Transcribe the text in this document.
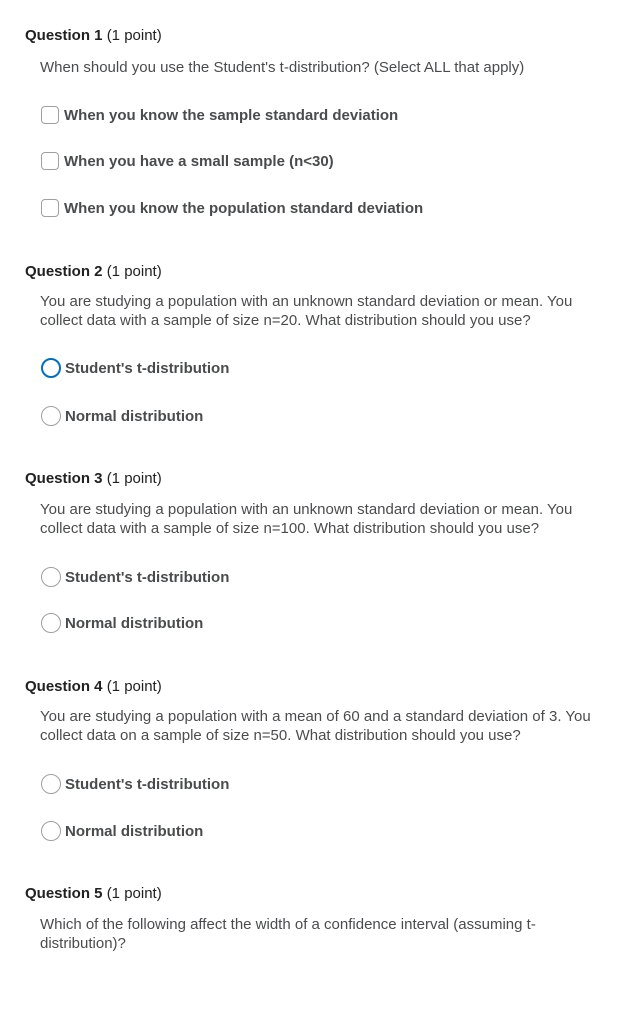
Question 1 (1 point)
When should you use the Student's t-distribution? (Select ALL that apply)
When you know the sample standard deviation
When you have a small sample (n<30)
When you know the population standard deviation
Question 2 (1 point)
You are studying a population with an unknown standard deviation or mean. You collect data with a sample of size n=20. What distribution should you use?
Student's t-distribution
Normal distribution
Question 3 (1 point)
You are studying a population with an unknown standard deviation or mean. You collect data with a sample of size n=100. What distribution should you use?
Student's t-distribution
Normal distribution
Question 4 (1 point)
You are studying a population with a mean of 60 and a standard deviation of 3. You collect data on a sample of size n=50. What distribution should you use?
Student's t-distribution
Normal distribution
Question 5 (1 point)
Which of the following affect the width of a confidence interval (assuming t-distribution)?
